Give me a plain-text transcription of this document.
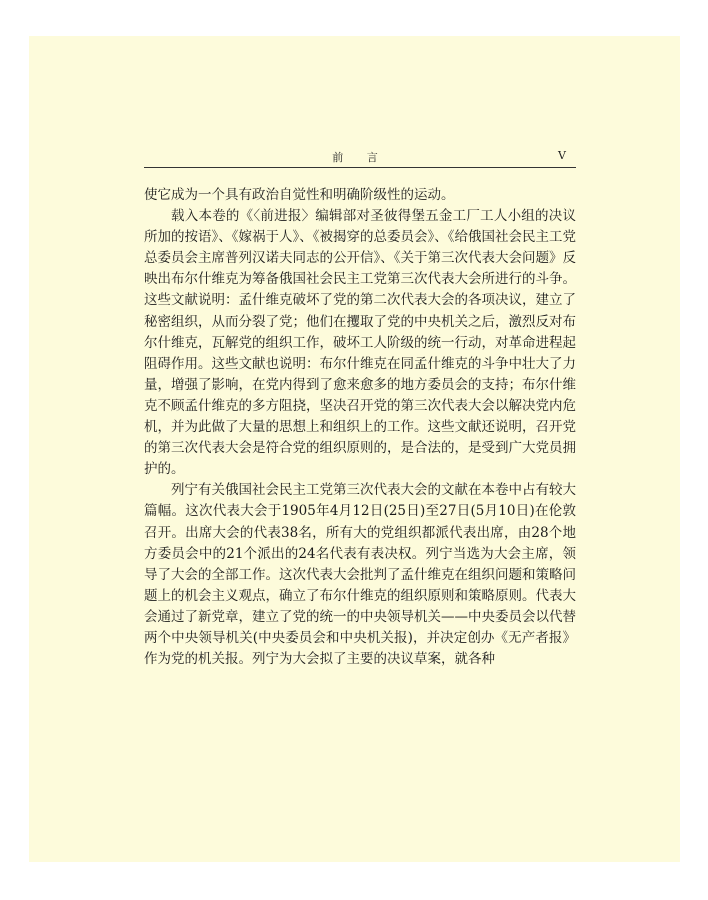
前 言	V

使它成为一个具有政治自觉性和明确阶级性的运动。

载入本卷的《〈前进报〉编辑部对圣彼得堡五金工厂工人小组的决议所加的按语》、《嫁祸于人》、《被揭穿的总委员会》、《给俄国社会民主工党总委员会主席普列汉诺夫同志的公开信》、《关于第三次代表大会问题》反映出布尔什维克为筹备俄国社会民主工党第三次代表大会所进行的斗争。这些文献说明：孟什维克破坏了党的第二次代表大会的各项决议，建立了秘密组织，从而分裂了党；他们在攫取了党的中央机关之后，激烈反对布尔什维克，瓦解党的组织工作，破坏工人阶级的统一行动，对革命进程起阻碍作用。这些文献也说明：布尔什维克在同孟什维克的斗争中壮大了力量，增强了影响，在党内得到了愈来愈多的地方委员会的支持；布尔什维克不顾孟什维克的多方阻挠，坚决召开党的第三次代表大会以解决党内危机，并为此做了大量的思想上和组织上的工作。这些文献还说明，召开党的第三次代表大会是符合党的组织原则的，是合法的，是受到广大党员拥护的。

列宁有关俄国社会民主工党第三次代表大会的文献在本卷中占有较大篇幅。这次代表大会于1905年4月12日(25日)至27日(5月10日)在伦敦召开。出席大会的代表38名，所有大的党组织都派代表出席，由28个地方委员会中的21个派出的24名代表有表决权。列宁当选为大会主席，领导了大会的全部工作。这次代表大会批判了孟什维克在组织问题和策略问题上的机会主义观点，确立了布尔什维克的组织原则和策略原则。代表大会通过了新党章，建立了党的统一的中央领导机关——中央委员会以代替两个中央领导机关(中央委员会和中央机关报)，并决定创办《无产者报》作为党的机关报。列宁为大会拟了主要的决议草案，就各种
